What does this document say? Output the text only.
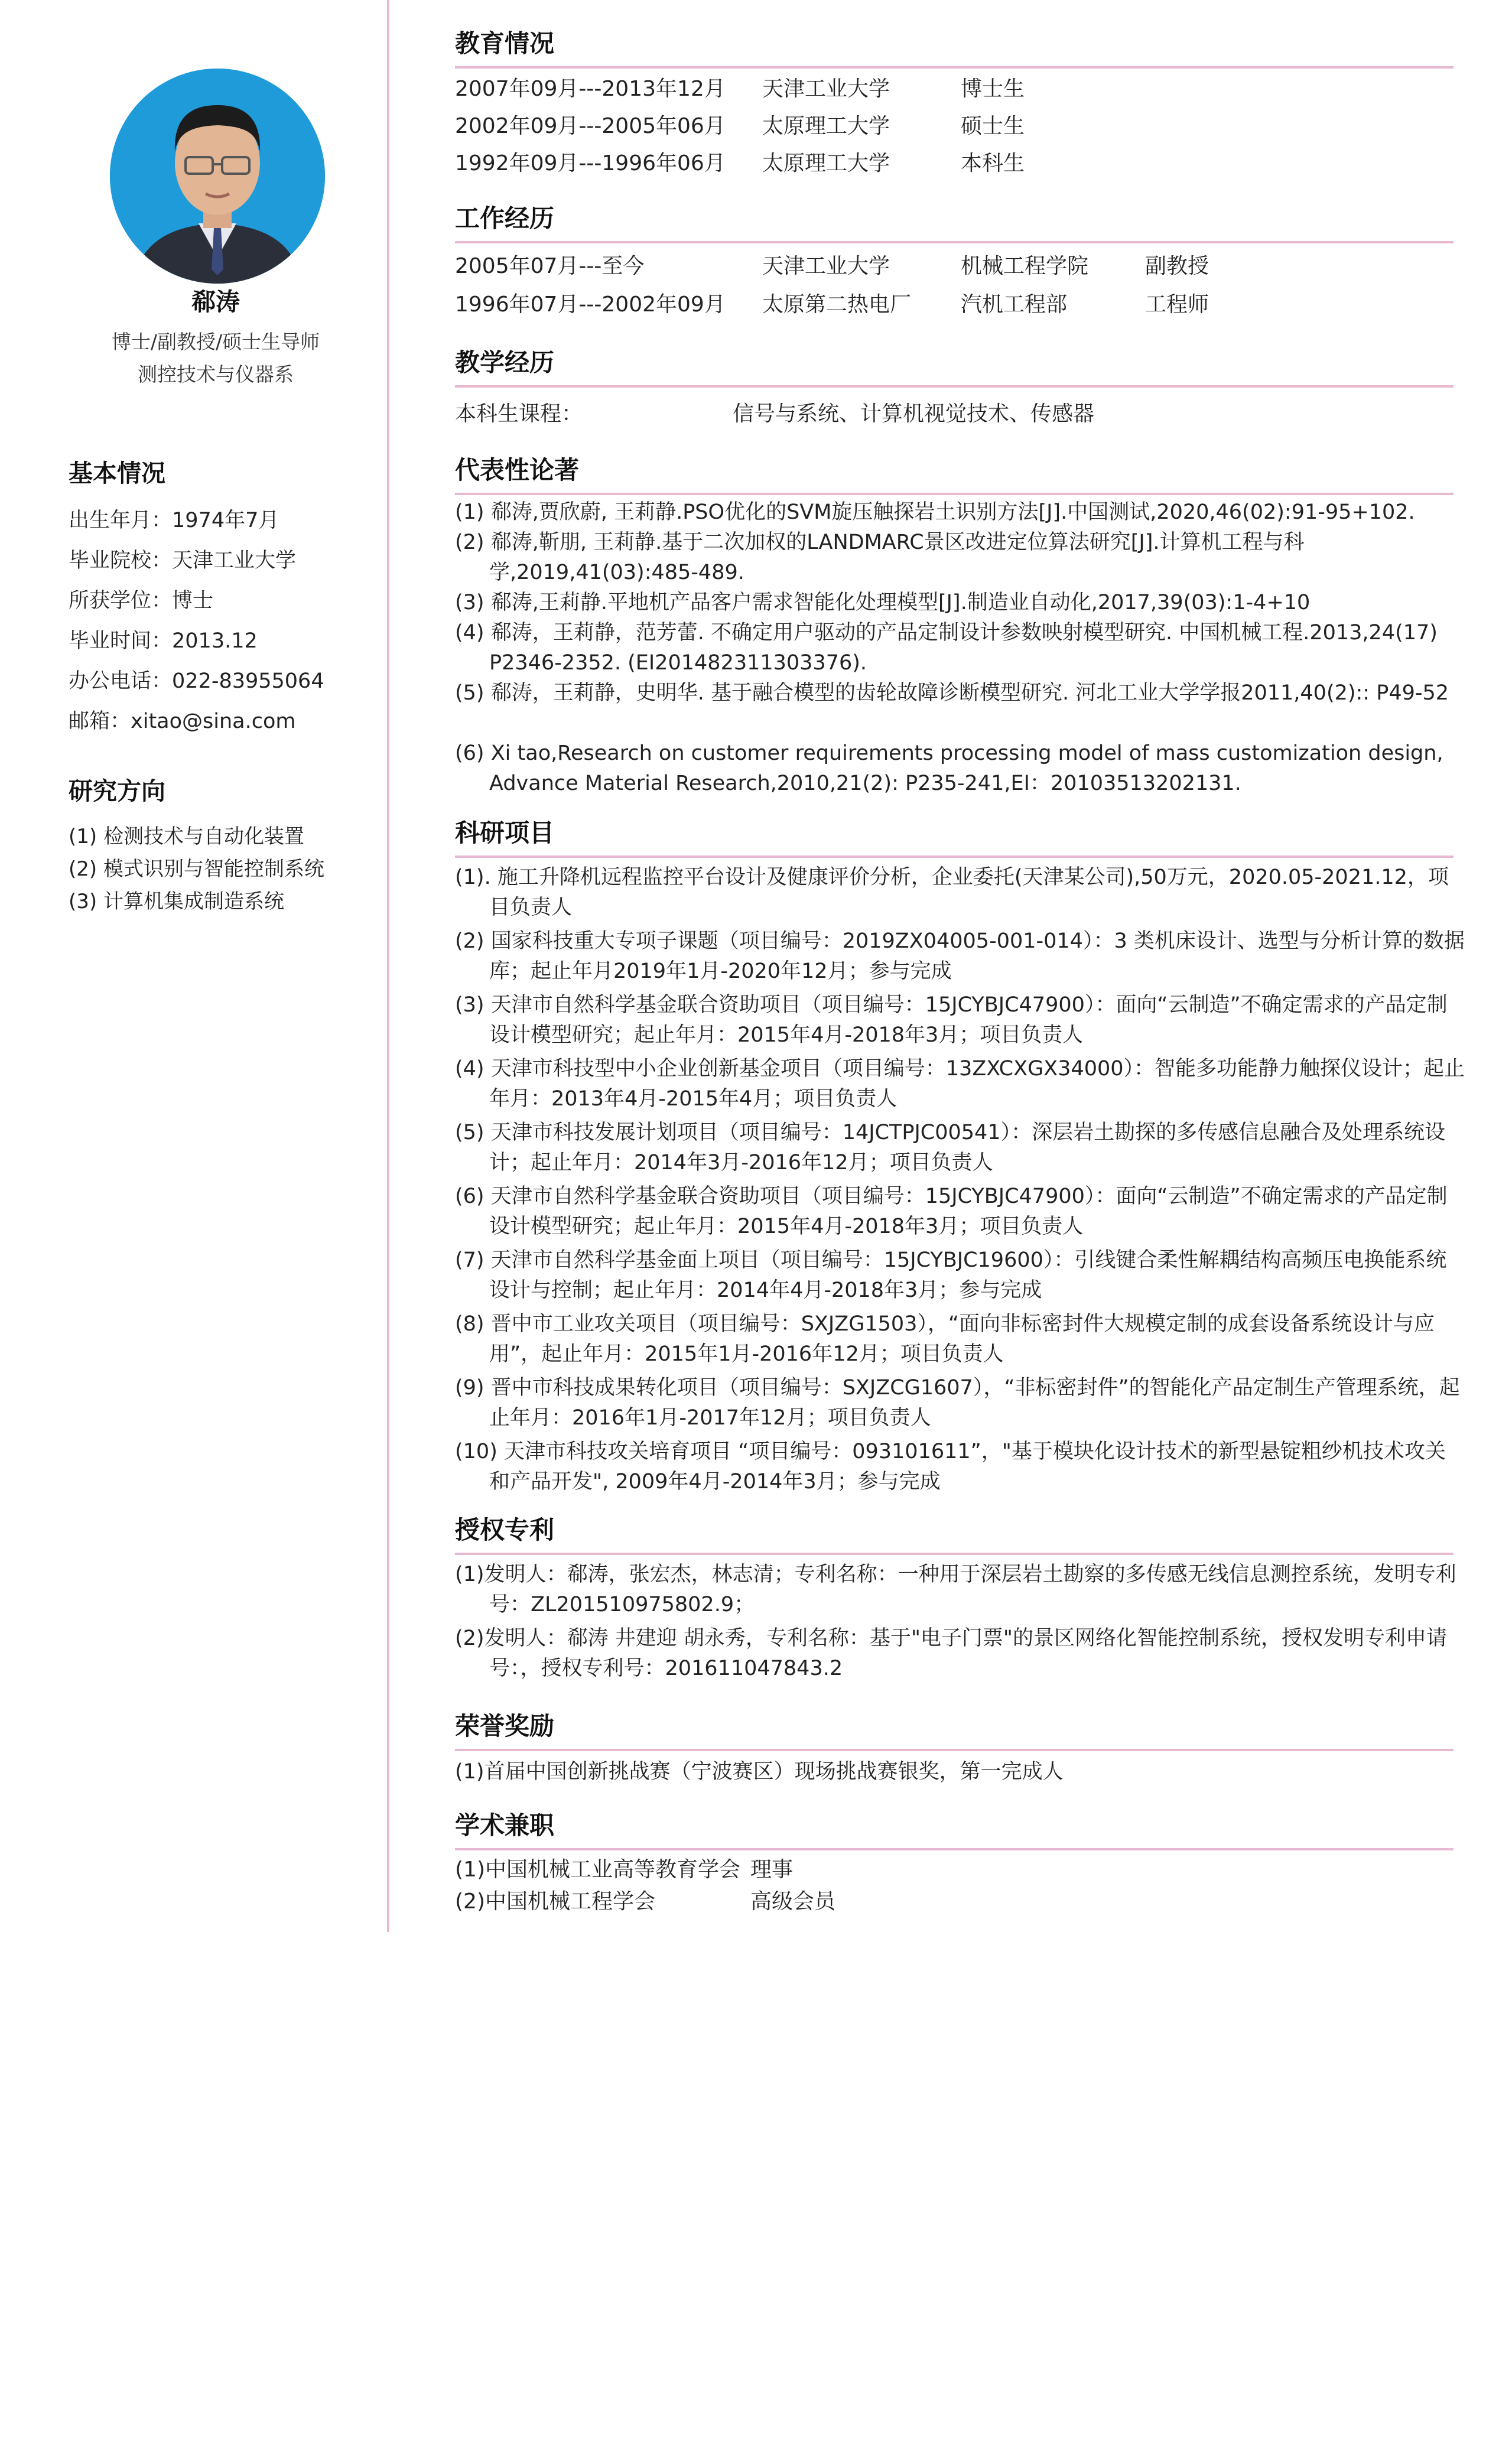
郗涛
博士/副教授/硕士生导师
测控技术与仪器系
基本情况
出生年月：1974年7月
毕业院校：天津工业大学
所获学位：博士
毕业时间：2013.12
办公电话：022-83955064
邮箱：xitao@sina.com
研究方向
(1) 检测技术与自动化装置
(2) 模式识别与智能控制系统
(3) 计算机集成制造系统
教育情况
2007年09月---2013年12月 天津工业大学	博士生
2002年09月---2005年06月 太原理工大学	硕士生
1992年09月---1996年06月 太原理工大学	本科生
工作经历
2005年07月---至今	天津工业大学	机械工程学院	副教授
1996年07月---2002年09月 太原第二热电厂 汽机工程部	工程师
教学经历
本科生课程：	信号与系统、计算机视觉技术、传感器
代表性论著
(1) 郗涛,贾欣蔚, 王莉静.PSO优化的SVM旋压触探岩土识别方法[J].中国测试,2020,46(02):91-95+102.
(2) 郗涛,靳朋, 王莉静.基于二次加权的LANDMARC景区改进定位算法研究[J].计算机工程与科学,2019,41(03):485-489.
(3) 郗涛,王莉静.平地机产品客户需求智能化处理模型[J].制造业自动化,2017,39(03):1-4+10
(4) 郗涛，王莉静，范芳蕾. 不确定用户驱动的产品定制设计参数映射模型研究. 中国机械工程.2013,24(17) P2346-2352. (EI201482311303376).
(5) 郗涛，王莉静，史明华. 基于融合模型的齿轮故障诊断模型研究. 河北工业大学学报2011,40(2):: P49-52
(6) Xi tao,Research on customer requirements processing model of mass customization design, Advance Material Research,2010,21(2): P235-241,EI：20103513202131.
科研项目
(1). 施工升降机远程监控平台设计及健康评价分析，企业委托(天津某公司),50万元，2020.05-2021.12，项目负责人
(2) 国家科技重大专项子课题（项目编号：2019ZX04005-001-014）：3 类机床设计、选型与分析计算的数据库；起止年月2019年1月-2020年12月；参与完成
(3) 天津市自然科学基金联合资助项目（项目编号：15JCYBJC47900）：面向“云制造”不确定需求的产品定制设计模型研究；起止年月：2015年4月-2018年3月；项目负责人
(4) 天津市科技型中小企业创新基金项目（项目编号：13ZXCXGX34000）：智能多功能静力触探仪设计；起止年月：2013年4月-2015年4月；项目负责人
(5) 天津市科技发展计划项目（项目编号：14JCTPJC00541）：深层岩土勘探的多传感信息融合及处理系统设计；起止年月：2014年3月-2016年12月；项目负责人
(6) 天津市自然科学基金联合资助项目（项目编号：15JCYBJC47900）：面向“云制造”不确定需求的产品定制设计模型研究；起止年月：2015年4月-2018年3月；项目负责人
(7) 天津市自然科学基金面上项目（项目编号：15JCYBJC19600）：引线键合柔性解耦结构高频压电换能系统设计与控制；起止年月：2014年4月-2018年3月；参与完成
(8) 晋中市工业攻关项目（项目编号：SXJZG1503），“面向非标密封件大规模定制的成套设备系统设计与应用”，起止年月：2015年1月-2016年12月；项目负责人
(9) 晋中市科技成果转化项目（项目编号：SXJZCG1607），“非标密封件”的智能化产品定制生产管理系统，起止年月：2016年1月-2017年12月；项目负责人
(10) 天津市科技攻关培育项目 “项目编号：093101611”，"基于模块化设计技术的新型悬锭粗纱机技术攻关和产品开发", 2009年4月-2014年3月；参与完成
授权专利
(1)发明人：郗涛，张宏杰，林志清；专利名称：一种用于深层岩土勘察的多传感无线信息测控系统，发明专利号：ZL201510975802.9；
(2)发明人：郗涛 井建迎 胡永秀，专利名称：基于"电子门票"的景区网络化智能控制系统，授权发明专利申请号：，授权专利号：201611047843.2
荣誉奖励
(1)首届中国创新挑战赛（宁波赛区）现场挑战赛银奖，第一完成人
学术兼职
(1)中国机械工业高等教育学会 理事
(2)中国机械工程学会	高级会员
